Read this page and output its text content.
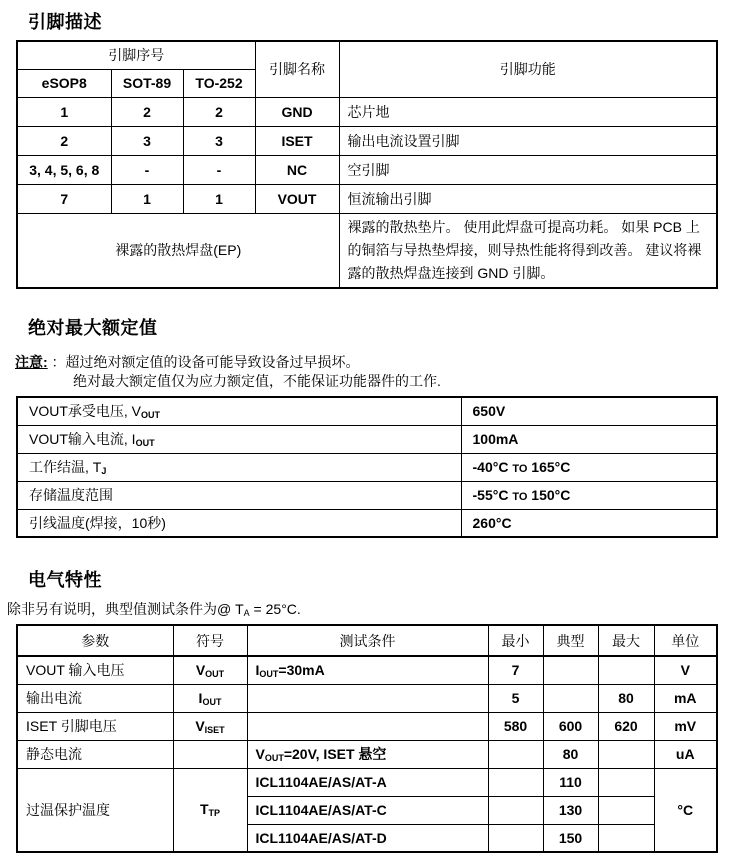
引脚描述
引脚序号			引脚名称	引脚功能
eSOP8	SOT-89	TO-252		
1	2	2	GND	芯片地
2	3	3	ISET	输出电流设置引脚
3, 4, 5, 6, 8	-	-	NC	空引脚
7	1	1	VOUT	恒流输出引脚
裸露的散热焊盘(EP)				裸露的散热垫片。 使用此焊盘可提高功耗。 如果 PCB 上的铜箔与导热垫焊接，则导热性能将得到改善。 建议将裸露的散热焊盘连接到 GND 引脚。
绝对最大额定值
注意: ：超过绝对额定值的设备可能导致设备过早损坏。
绝对最大额定值仅为应力额定值，不能保证功能器件的工作.
VOUT承受电压, VOUT	650V
VOUT输入电流, IOUT	100mA
工作结温, TJ	-40°C TO 165°C
存储温度范围	-55°C TO 150°C
引线温度(焊接，10秒)	260°C
电气特性
除非另有说明，典型值测试条件为@ TA = 25°C.
参数	符号	测试条件	最小	典型	最大	单位
VOUT 输入电压	VOUT	IOUT=30mA	7			V
输出电流	IOUT		5		80	mA
ISET 引脚电压	VISET		580	600	620	mV
静态电流		VOUT=20V, ISET 悬空		80		uA
过温保护温度	TTP	ICL1104AE/AS/AT-A		110		°C
		ICL1104AE/AS/AT-C		130		
		ICL1104AE/AS/AT-D		150		
